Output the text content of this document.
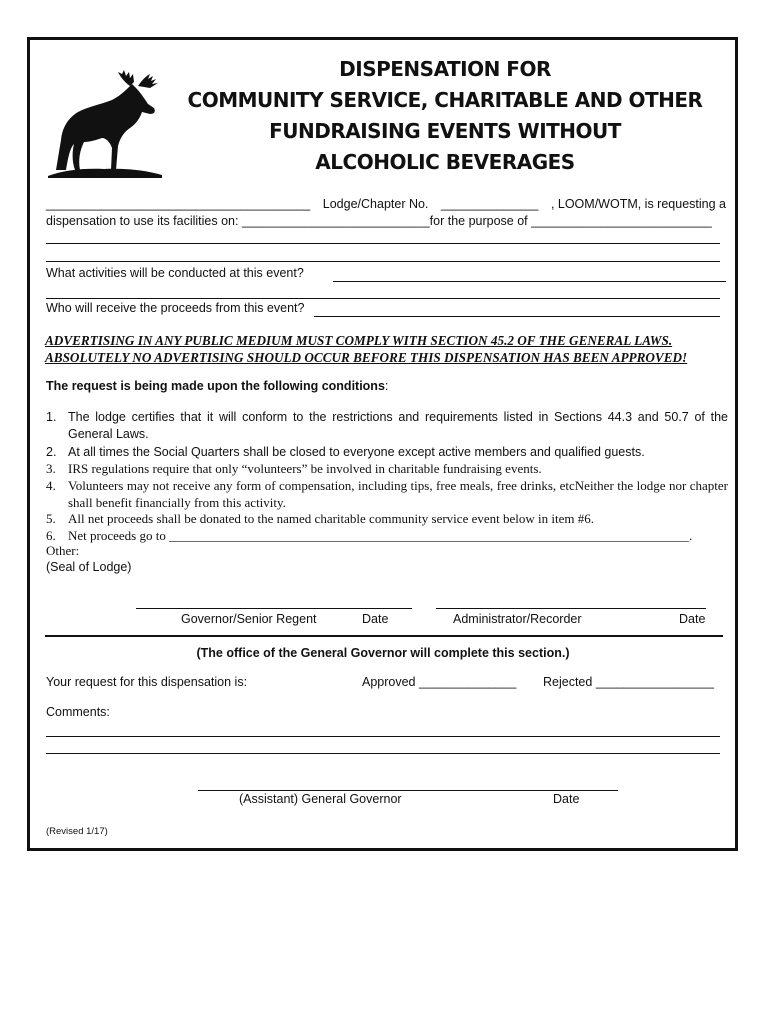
DISPENSATION FOR
COMMUNITY SERVICE, CHARITABLE AND OTHER
FUNDRAISING EVENTS WITHOUT
ALCOHOLIC BEVERAGES
______________________________________ Lodge/Chapter No. ______________ , LOOM/WOTM, is requesting a
dispensation to use its facilities on: ___________________________for the purpose of __________________________
What activities will be conducted at this event?
Who will receive the proceeds from this event?
ADVERTISING IN ANY PUBLIC MEDIUM MUST COMPLY WITH SECTION 45.2 OF THE GENERAL LAWS.
ABSOLUTELY NO ADVERTISING SHOULD OCCUR BEFORE THIS DISPENSATION HAS BEEN APPROVED!
The request is being made upon the following conditions:
1. The lodge certifies that it will conform to the restrictions and requirements listed in Sections 44.3 and 50.7 of the General Laws.
2. At all times the Social Quarters shall be closed to everyone except active members and qualified guests.
3. IRS regulations require that only “volunteers” be involved in charitable fundraising events.
4. Volunteers may not receive any form of compensation, including tips, free meals, free drinks, etcNeither the lodge nor chapter shall benefit financially from this activity.
5. All net proceeds shall be donated to the named charitable community service event below in item #6.
6. Net proceeds go to ________________________________________________________________________________.
Other:
(Seal of Lodge)
Governor/Senior Regent	Date	Administrator/Recorder	Date
(The office of the General Governor will complete this section.)
Your request for this dispensation is:	Approved ______________ Rejected _________________
Comments:
(Assistant) General Governor	Date
(Revised 1/17)
